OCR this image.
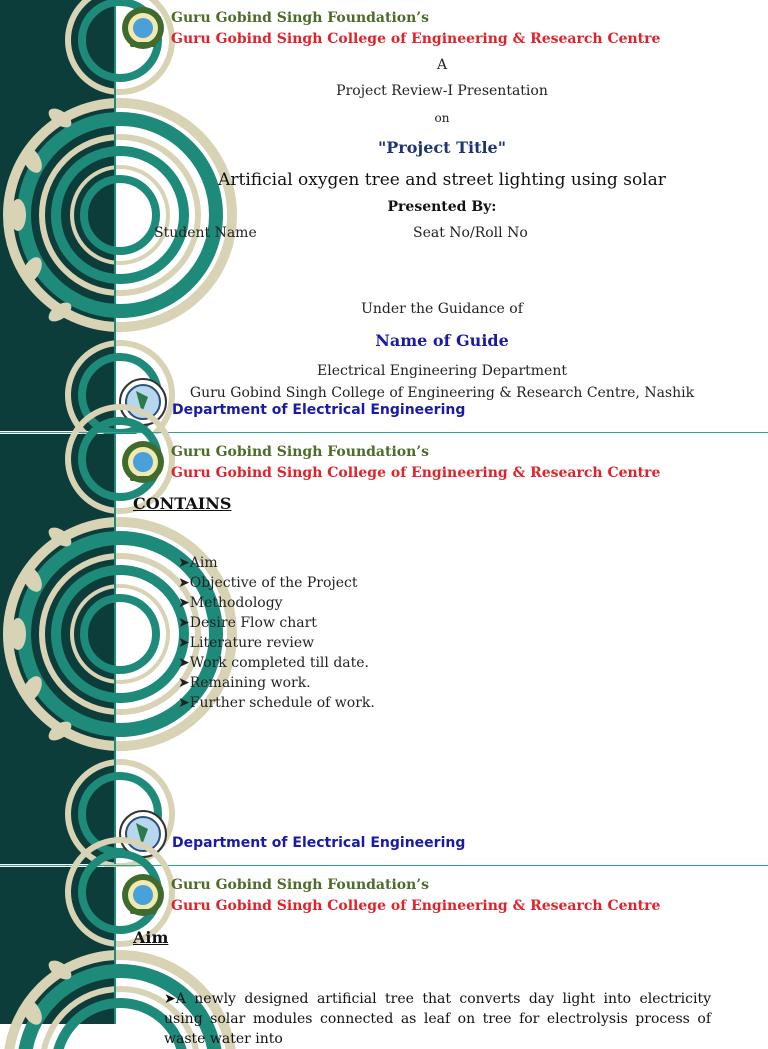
Guru Gobind Singh Foundation’s
Guru Gobind Singh College of Engineering & Research Centre
A
Project Review-I Presentation
on
"Project Title"
Artificial oxygen tree and street lighting using solar
Presented By:
Student Name	Seat No/Roll No
Under the Guidance of
Name of Guide
Electrical Engineering Department
Guru Gobind Singh College of Engineering & Research Centre, Nashik
Department of Electrical Engineering
Guru Gobind Singh Foundation’s
Guru Gobind Singh College of Engineering & Research Centre
CONTAINS
➤Aim
➤Objective of the Project
➤Methodology
➤Desire Flow chart
➤Literature review
➤Work completed till date.
➤Remaining work.
➤Further schedule of work.
Department of Electrical Engineering
Guru Gobind Singh Foundation’s
Guru Gobind Singh College of Engineering & Research Centre
Aim
➤A newly designed artificial tree that converts day light into electricity using solar modules connected as leaf on tree for electrolysis process of waste water into
